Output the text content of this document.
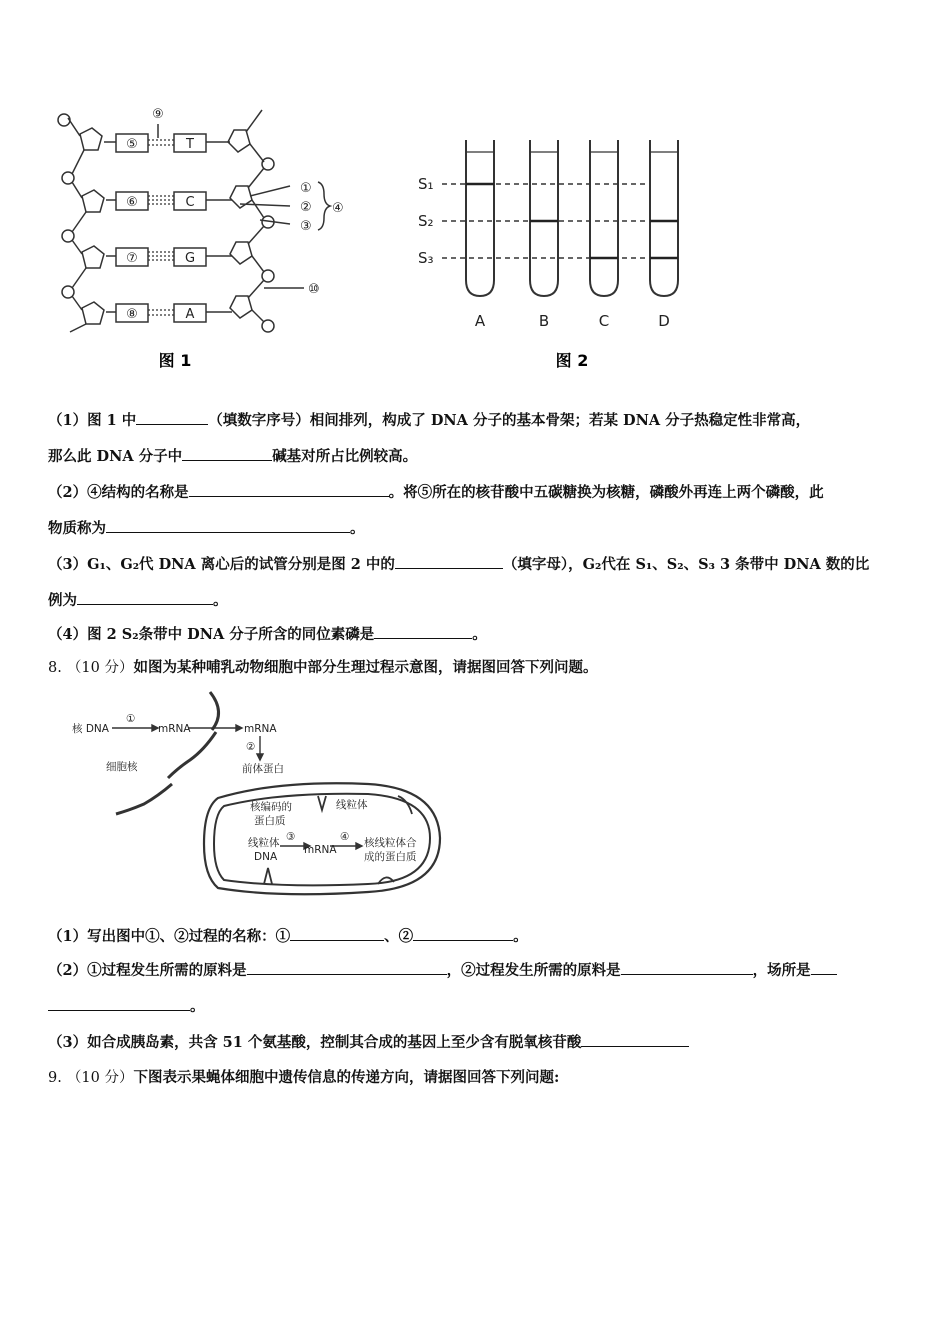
⑤	T
⑥	C
⑦	G
⑧	A
⑨
①
②
③
④
⑩
图 1
S₁
S₂
S₃
A	B	C	D
图 2
（1）图 1 中	（填数字序号）相间排列，构成了 DNA 分子的基本骨架；若某 DNA 分子热稳定性非常高，
那么此 DNA 分子中	碱基对所占比例较高。
（2）④结构的名称是	。将⑤所在的核苷酸中五碳糖换为核糖，磷酸外再连上两个磷酸，此
物质称为	。
（3）G₁、G₂代 DNA 离心后的试管分别是图 2 中的	（填字母），G₂代在 S₁、S₂、S₃ 3 条带中 DNA 数的比
例为	。
（4）图 2 S₂条带中 DNA 分子所含的同位素磷是	。
8. （10 分）如图为某种哺乳动物细胞中部分生理过程示意图，请据图回答下列问题。
核 DNA
①
mRNA	mRNA
②
前体蛋白
细胞核
核编码的
蛋白质
线粒体
线粒体
DNA
③
mRNA
④ 核线粒体合
成的蛋白质
（1）写出图中①、②过程的名称：①	、②	。
（2）①过程发生所需的原料是	，②过程发生所需的原料是	，场所是
。
（3）如合成胰岛素，共含 51 个氨基酸，控制其合成的基因上至少含有脱氧核苷酸
9. （10 分）下图表示果蝇体细胞中遗传信息的传递方向，请据图回答下列问题:
